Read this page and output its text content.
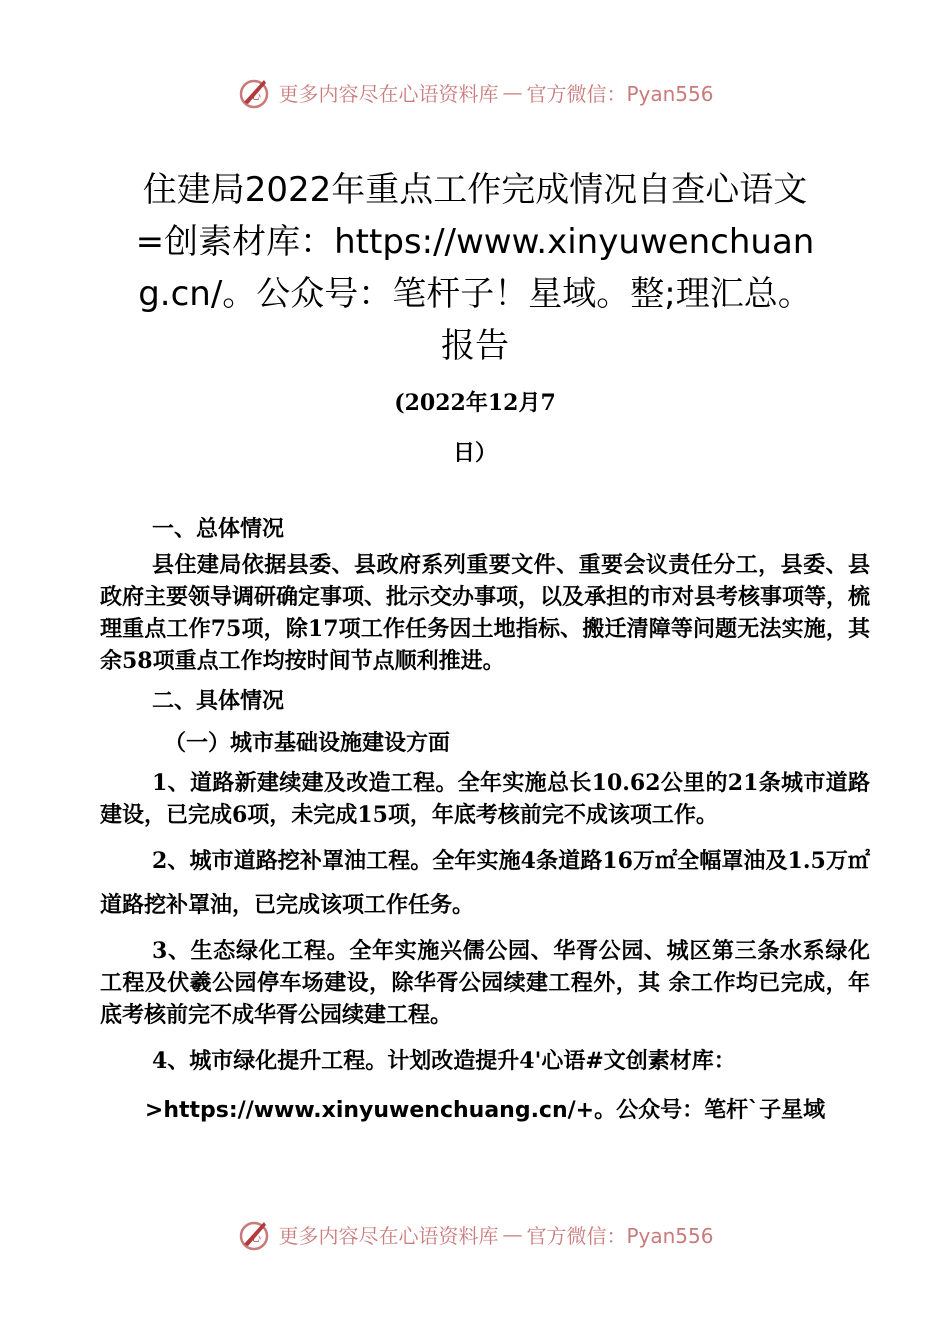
心 更多内容尽在心语资料库 — 官方微信：Pyan556
住建局2022年重点工作完成情况自查心语文=创素材库：https://www.xinyuwenchuang.cn/。公众号：笔杆子！星域。整;理汇总。报告
(2022年12月7
日）

一、总体情况

县住建局依据县委、县政府系列重要文件、重要会议责任分工，县委、县政府主要领导调研确定事项、批示交办事项，以及承担的市对县考核事项等，梳理重点工作75项，除17项工作任务因土地指标、搬迁清障等问题无法实施，其余58项重点工作均按时间节点顺利推进。

二、具体情况

（一）城市基础设施建设方面

1、道路新建续建及改造工程。全年实施总长10.62公里的21条城市道路建设，已完成6项，未完成15项，年底考核前完不成该项工作。

2、城市道路挖补罩油工程。全年实施4条道路16万㎡全幅罩油及1.5万㎡道路挖补罩油，已完成该项工作任务。

3、生态绿化工程。全年实施兴儒公园、华胥公园、城区第三条水系绿化工程及伏羲公园停车场建设，除华胥公园续建工程外，其 余工作均已完成，年底考核前完不成华胥公园续建工程。

4、城市绿化提升工程。计划改造提升4'心语#文创素材库：

>https://www.xinyuwenchuang.cn/+。公众号：笔杆`子星域

心 更多内容尽在心语资料库 — 官方微信：Pyan556
